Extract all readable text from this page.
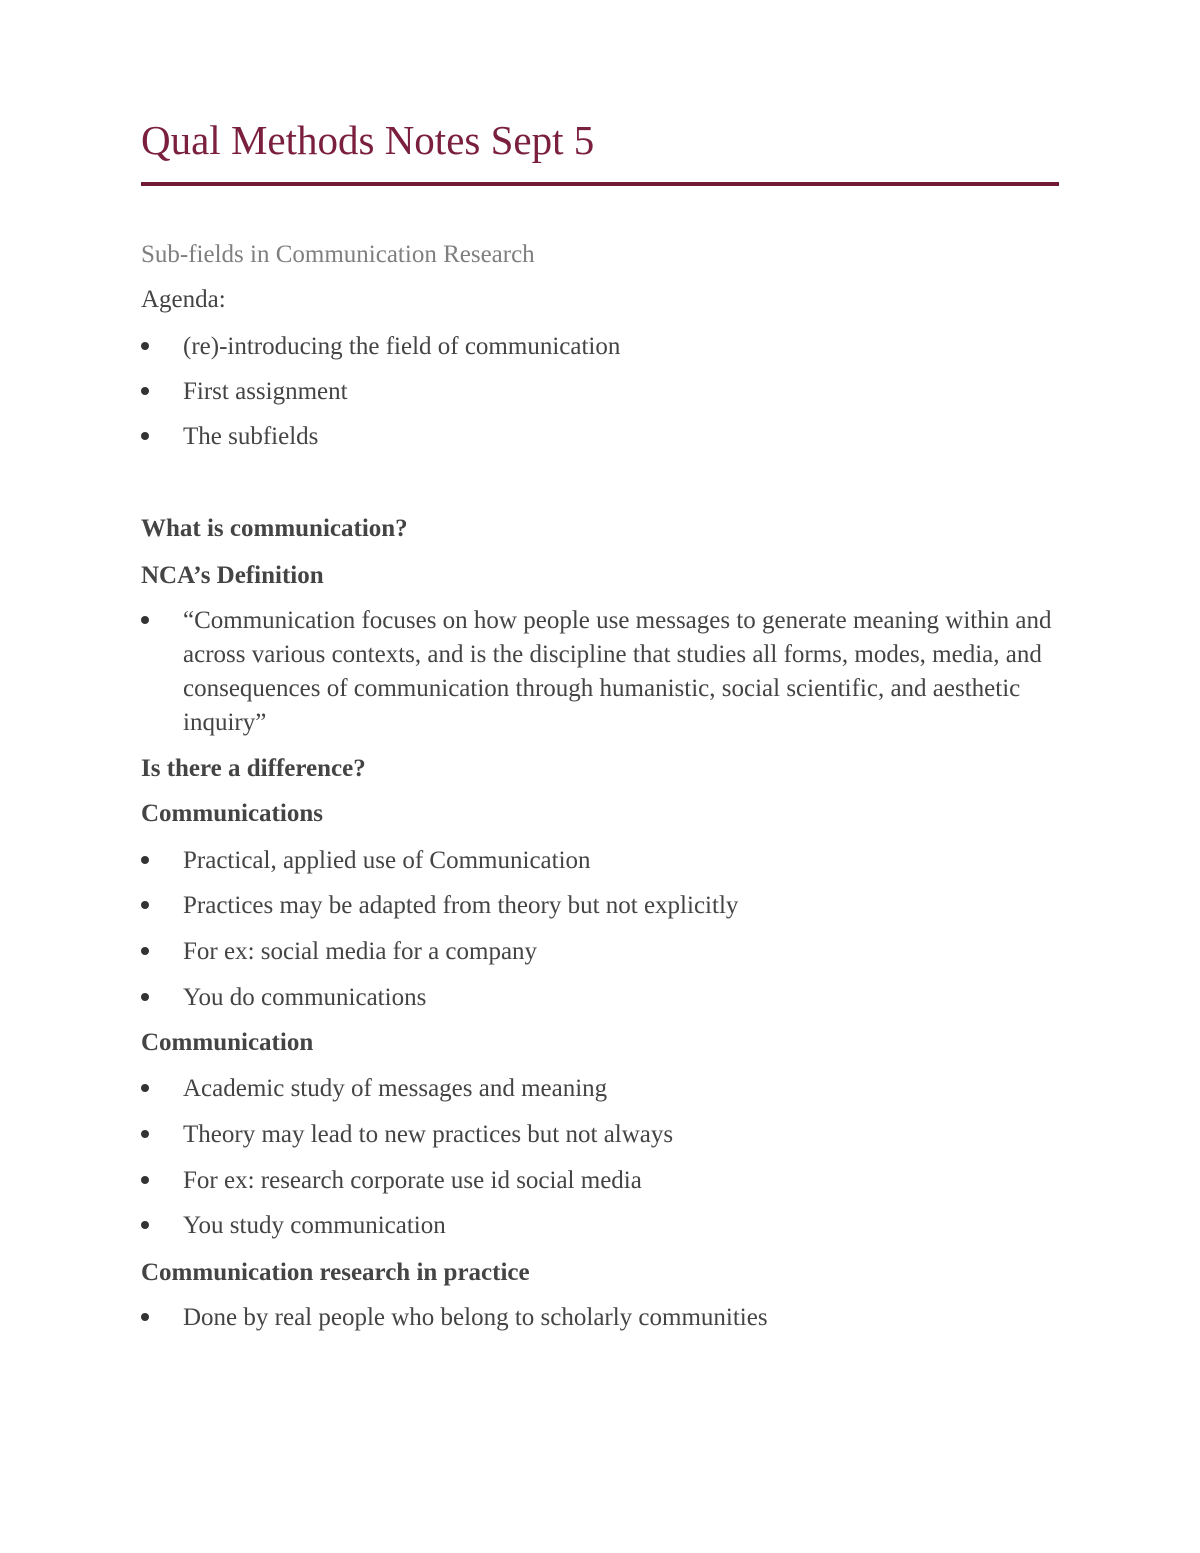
Qual Methods Notes Sept 5

Sub-fields in Communication Research

Agenda:

(re)-introducing the field of communication
First assignment
The subfields

What is communication?

NCA’s Definition

“Communication focuses on how people use messages to generate meaning within and across various contexts, and is the discipline that studies all forms, modes, media, and consequences of communication through humanistic, social scientific, and aesthetic inquiry”

Is there a difference?

Communications

Practical, applied use of Communication
Practices may be adapted from theory but not explicitly
For ex: social media for a company
You do communications

Communication

Academic study of messages and meaning
Theory may lead to new practices but not always
For ex: research corporate use id social media
You study communication

Communication research in practice

Done by real people who belong to scholarly communities
